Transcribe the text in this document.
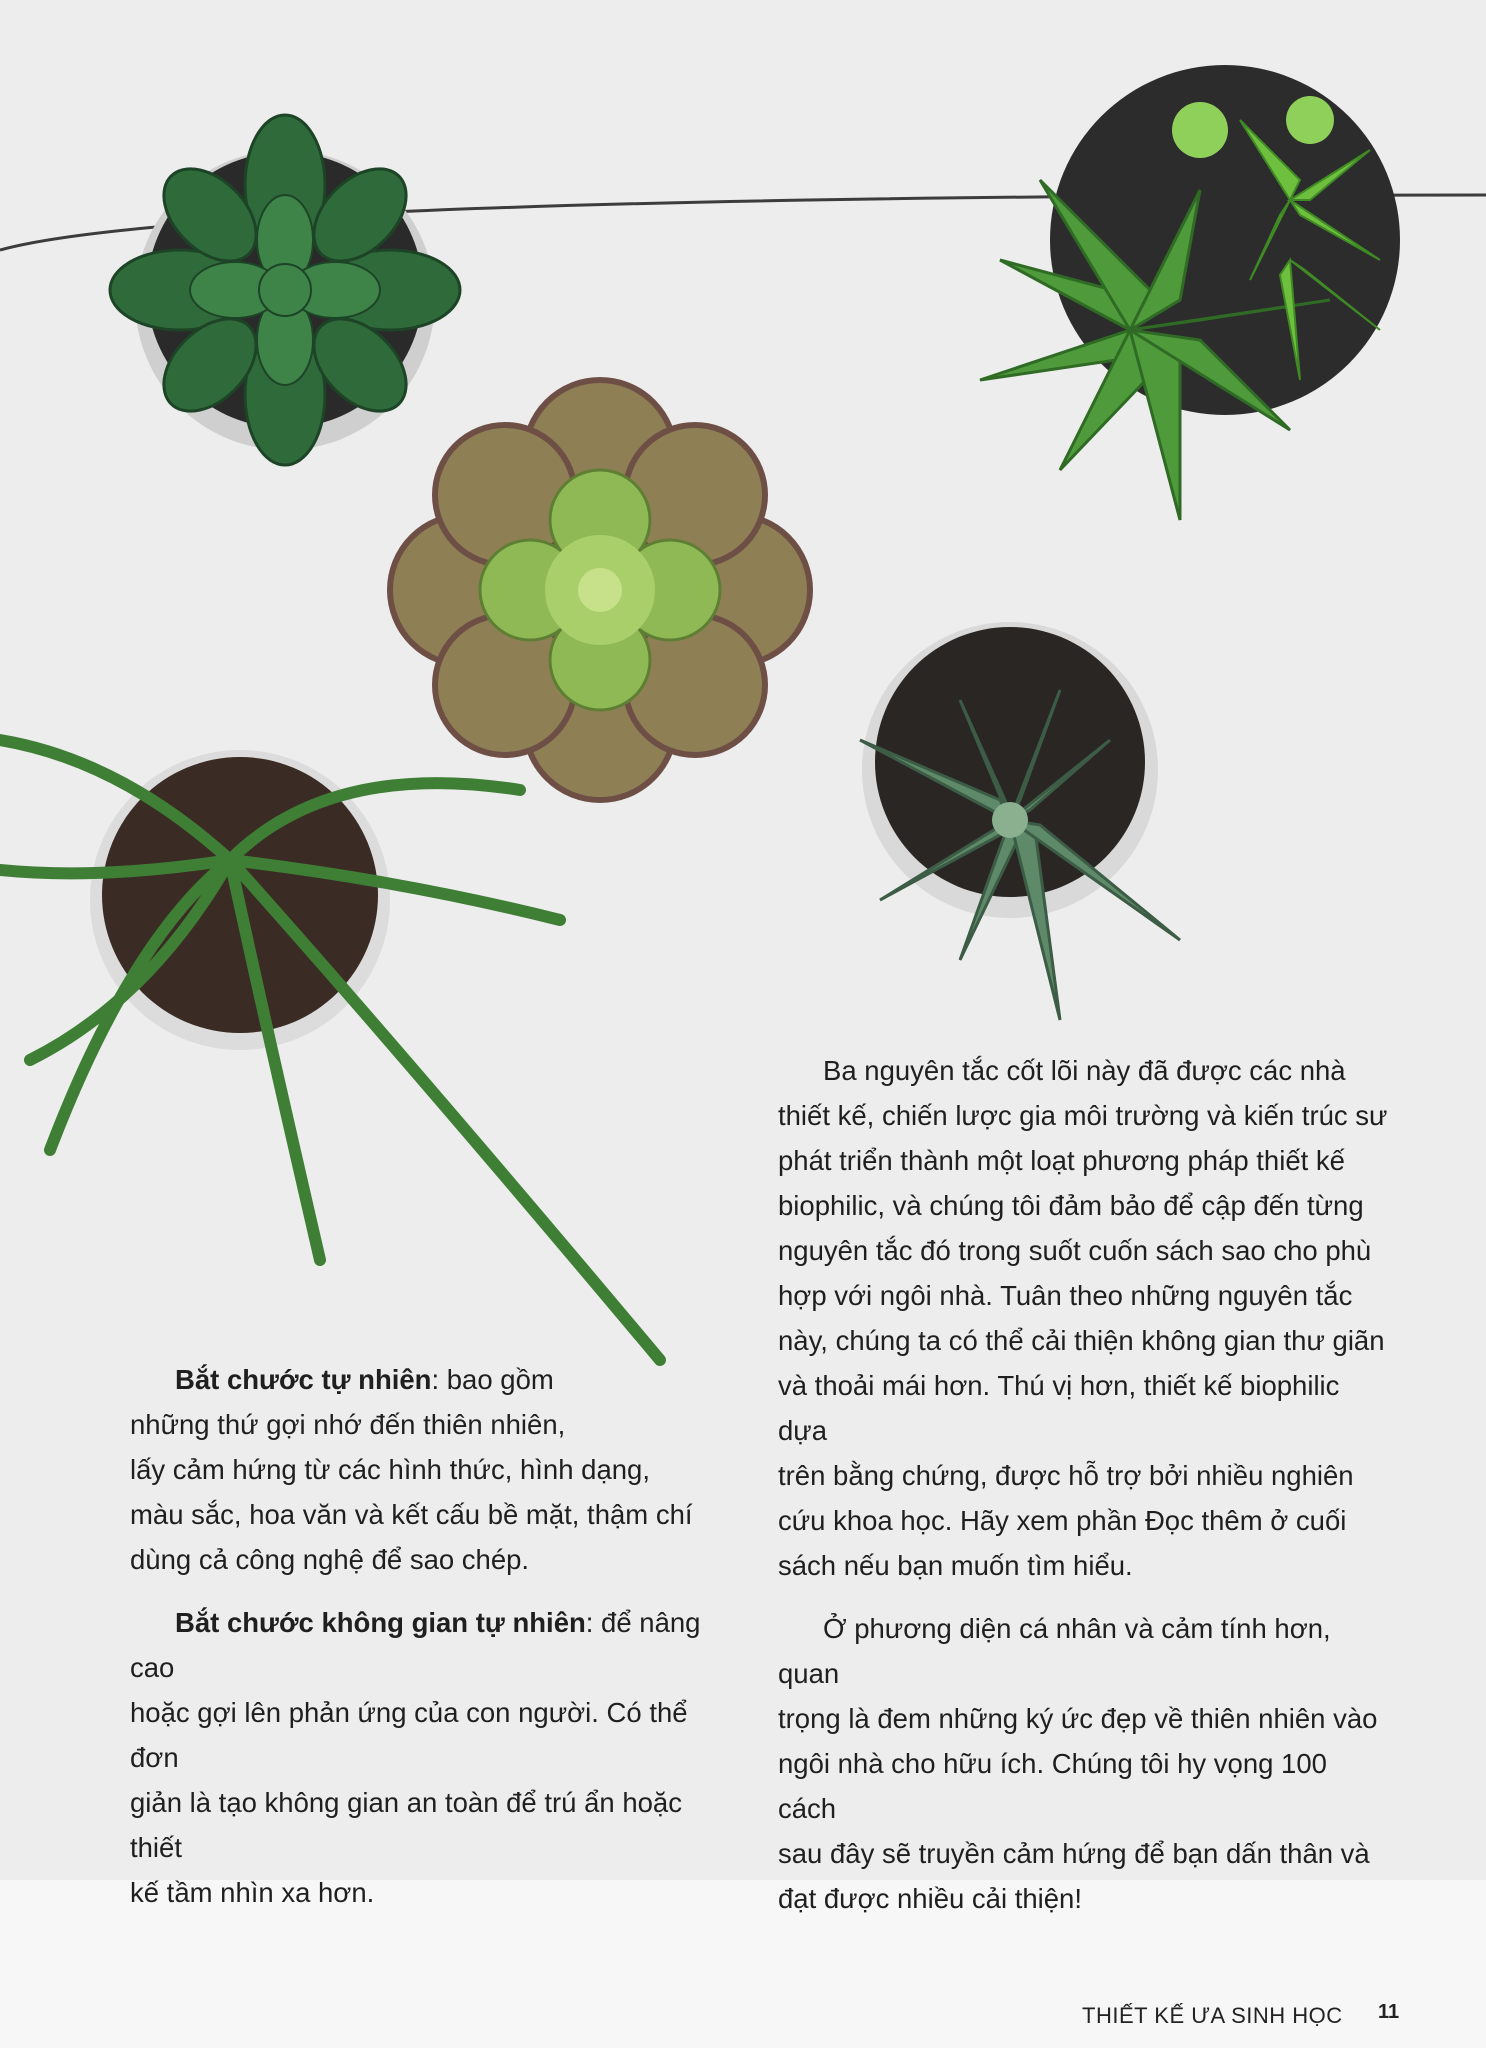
Bắt chước tự nhiên: bao gồm
những thứ gợi nhớ đến thiên nhiên,
lấy cảm hứng từ các hình thức, hình dạng,
màu sắc, hoa văn và kết cấu bề mặt, thậm chí
dùng cả công nghệ để sao chép.

Bắt chước không gian tự nhiên: để nâng cao
hoặc gợi lên phản ứng của con người. Có thể đơn
giản là tạo không gian an toàn để trú ẩn hoặc thiết
kế tầm nhìn xa hơn.

Ba nguyên tắc cốt lõi này đã được các nhà
thiết kế, chiến lược gia môi trường và kiến trúc sư
phát triển thành một loạt phương pháp thiết kế
biophilic, và chúng tôi đảm bảo để cập đến từng
nguyên tắc đó trong suốt cuốn sách sao cho phù
hợp với ngôi nhà. Tuân theo những nguyên tắc
này, chúng ta có thể cải thiện không gian thư giãn
và thoải mái hơn. Thú vị hơn, thiết kế biophilic dựa
trên bằng chứng, được hỗ trợ bởi nhiều nghiên
cứu khoa học. Hãy xem phần Đọc thêm ở cuối
sách nếu bạn muốn tìm hiểu.

Ở phương diện cá nhân và cảm tính hơn, quan
trọng là đem những ký ức đẹp về thiên nhiên vào
ngôi nhà cho hữu ích. Chúng tôi hy vọng 100 cách
sau đây sẽ truyền cảm hứng để bạn dấn thân và
đạt được nhiều cải thiện!

THIẾT KẾ ƯA SINH HỌC 11
